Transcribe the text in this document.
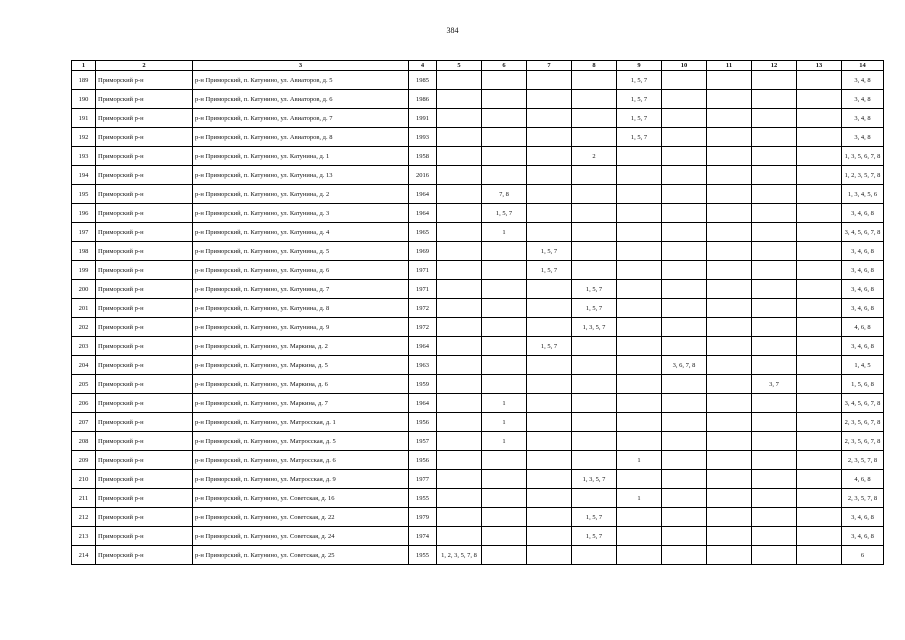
384
1	2	3	4	5	6	7	8	9	10	11	12	13	14
189	Приморский р-н	р-н Приморский, п. Катунино, ул. Авиаторов, д. 5	1985					1, 5, 7					3, 4, 8
190	Приморский р-н	р-н Приморский, п. Катунино, ул. Авиаторов, д. 6	1986					1, 5, 7					3, 4, 8
191	Приморский р-н	р-н Приморский, п. Катунино, ул. Авиаторов, д. 7	1991					1, 5, 7					3, 4, 8
192	Приморский р-н	р-н Приморский, п. Катунино, ул. Авиаторов, д. 8	1993					1, 5, 7					3, 4, 8
193	Приморский р-н	р-н Приморский, п. Катунино, ул. Катунина, д. 1	1958				2						1, 3, 5, 6, 7, 8
194	Приморский р-н	р-н Приморский, п. Катунино, ул. Катунина, д. 13	2016										1, 2, 3, 5, 7, 8
195	Приморский р-н	р-н Приморский, п. Катунино, ул. Катунина, д. 2	1964		7, 8								1, 3, 4, 5, 6
196	Приморский р-н	р-н Приморский, п. Катунино, ул. Катунина, д. 3	1964		1, 5, 7								3, 4, 6, 8
197	Приморский р-н	р-н Приморский, п. Катунино, ул. Катунина, д. 4	1965		1								3, 4, 5, 6, 7, 8
198	Приморский р-н	р-н Приморский, п. Катунино, ул. Катунина, д. 5	1969			1, 5, 7							3, 4, 6, 8
199	Приморский р-н	р-н Приморский, п. Катунино, ул. Катунина, д. 6	1971			1, 5, 7							3, 4, 6, 8
200	Приморский р-н	р-н Приморский, п. Катунино, ул. Катунина, д. 7	1971				1, 5, 7						3, 4, 6, 8
201	Приморский р-н	р-н Приморский, п. Катунино, ул. Катунина, д. 8	1972				1, 5, 7						3, 4, 6, 8
202	Приморский р-н	р-н Приморский, п. Катунино, ул. Катунина, д. 9	1972				1, 3, 5, 7						4, 6, 8
203	Приморский р-н	р-н Приморский, п. Катунино, ул. Маркина, д. 2	1964			1, 5, 7							3, 4, 6, 8
204	Приморский р-н	р-н Приморский, п. Катунино, ул. Маркина, д. 5	1963						3, 6, 7, 8				1, 4, 5
205	Приморский р-н	р-н Приморский, п. Катунино, ул. Маркина, д. 6	1959								3, 7		1, 5, 6, 8
206	Приморский р-н	р-н Приморский, п. Катунино, ул. Маркина, д. 7	1964		1								3, 4, 5, 6, 7, 8
207	Приморский р-н	р-н Приморский, п. Катунино, ул. Матросская, д. 1	1956		1								2, 3, 5, 6, 7, 8
208	Приморский р-н	р-н Приморский, п. Катунино, ул. Матросская, д. 5	1957		1								2, 3, 5, 6, 7, 8
209	Приморский р-н	р-н Приморский, п. Катунино, ул. Матросская, д. 6	1956					1					2, 3, 5, 7, 8
210	Приморский р-н	р-н Приморский, п. Катунино, ул. Матросская, д. 9	1977				1, 3, 5, 7						4, 6, 8
211	Приморский р-н	р-н Приморский, п. Катунино, ул. Советская, д. 16	1955					1					2, 3, 5, 7, 8
212	Приморский р-н	р-н Приморский, п. Катунино, ул. Советская, д. 22	1979				1, 5, 7						3, 4, 6, 8
213	Приморский р-н	р-н Приморский, п. Катунино, ул. Советская, д. 24	1974				1, 5, 7						3, 4, 6, 8
214	Приморский р-н	р-н Приморский, п. Катунино, ул. Советская, д. 25	1955	1, 2, 3, 5, 7, 8									6
